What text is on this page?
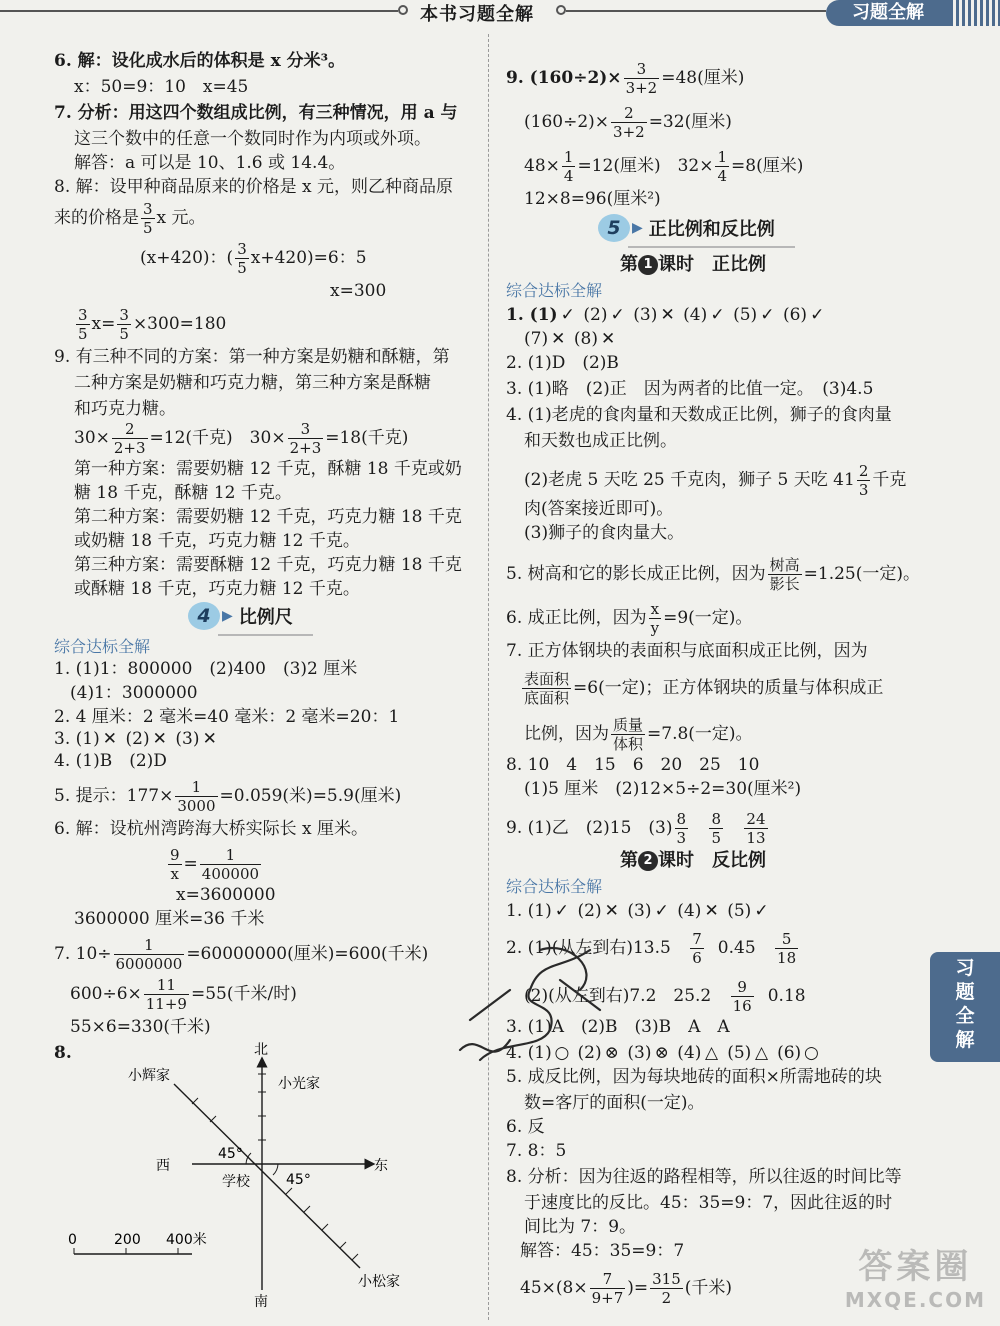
本书习题全解	习题全解
习题全解
6. 解：设化成水后的体积是 x 分米³。
x：50=9：10　x=45
7. 分析：用这四个数组成比例，有三种情况，用 a 与
这三个数中的任意一个数同时作为内项或外项。
解答：a 可以是 10、1.6 或 14.4。
8. 解：设甲种商品原来的价格是 x 元，则乙种商品原
来的价格是 $\frac{3}{5}$ x 元。
(x+420)：( $\frac{3}{5} x+420)=6$：5
x=300
$\frac{3}{5} x= \frac{3}{5} \times 300=180$
9. 有三种不同的方案：第一种方案是奶糖和酥糖，第
二种方案是奶糖和巧克力糖，第三种方案是酥糖
和巧克力糖。
$30\times \frac{2}{2+3} =12$(千克)　$30\times \frac{3}{2+3} =18$(千克)
第一种方案：需要奶糖 12 千克，酥糖 18 千克或奶
糖 18 千克，酥糖 12 千克。
第二种方案：需要奶糖 12 千克，巧克力糖 18 千克
或奶糖 18 千克，巧克力糖 12 千克。
第三种方案：需要酥糖 12 千克，巧克力糖 18 千克
或酥糖 18 千克，巧克力糖 12 千克。
4 ▶ 比例尺
综合达标全解
1. (1)1：800000　(2)400　(3)2 厘米
(4)1：3000000
2. 4 厘米：2 毫米=40 毫米：2 毫米=20：1
3. (1) ✕ (2) ✕ (3) ✕
4. (1)B　(2)D
5. 提示：$177\times \frac{1}{3000} =0.059$(米)=5.9(厘米)
6. 解：设杭州湾跨海大桥实际长 x 厘米。
$\frac{9}{x} = \frac{1}{400000}$
x=3600000
3600000 厘米=36 千米
7. $10\div \frac{1}{6000000} =60000000$(厘米)=600(千米)
$600\div 6\times \frac{11}{11+9} =55$(千米/时)
55×6=330(千米)
8.	北
南
东
西
学校
小辉家	小光家
小松家
45°
45°
0	200 400米
9. $(160\div 2)\times \frac{3}{3+2} =48$(厘米)
$(160\div 2)\times \frac{2}{3+2} =32$(厘米)
$48\times \frac{1}{4} =12$(厘米)　$32\times \frac{1}{4} =8$(厘米)
12×8=96(厘米²)
5 ▶ 正比例和反比例
第 1 课时　正比例
综合达标全解
1. (1) ✓ (2) ✓ (3) ✕ (4) ✓ (5) ✓ (6) ✓
(7) ✕ (8) ✕
2. (1)D　(2)B
3. (1)略　(2)正　因为两者的比值一定。　(3)4.5
4. (1)老虎的食肉量和天数成正比例，狮子的食肉量
和天数也成正比例。
(2)老虎 5 天吃 25 千克肉，狮子 5 天吃 $41 \frac{2}{3}$ 千克
肉(答案接近即可)。
(3)狮子的食肉量大。
5. 树高和它的影长成正比例，因为 $\frac{\text{树高}}{\text{影长}} =1.25$(一定)。
6. 成正比例，因为 $\frac{x}{y} =9$(一定)。
7. 正方体钢块的表面积与底面积成正比例，因为
$\frac{\text{表面积}}{\text{底面积}} =6$(一定)；正方体钢块的质量与体积成正
比例，因为 $\frac{\text{质量}}{\text{体积}} =7.8$(一定)。
8. 10　4　15　6　20　25　10
(1)5 厘米　(2)12×5÷2=30(厘米²)
9. (1)乙　(2)15　$(3) \frac{8}{3}$
$\frac{8}{5}$
$\frac{24}{13}$
第 2 课时　反比例
综合达标全解
1. (1) ✓ (2) ✕ (3) ✓ (4) ✕ (5) ✓
2. (1)(从左到右)$13.5 \frac{7}{6} 0.45 \frac{5}{18}$
(2)(从左到右)7.2　$25.2 \frac{9}{16} 0.18$
3. (1)A　(2)B　(3)B　A　A
4. (1) ○ (2) ⊗ (3) ⊗ (4) △ (5) △ (6) ○
5. 成反比例，因为每块地砖的面积×所需地砖的块
数=客厅的面积(一定)。
6. 反
7. 8：5
8. 分析：因为往返的路程相等，所以往返的时间比等
于速度比的反比。45：35=9：7，因此往返的时
间比为 7：9。
解答：45：35=9：7
$45\times(8\times \frac{7}{9+7}$ )= $\frac{315}{2}$ (千米)
答案圈
MXQE.COM
